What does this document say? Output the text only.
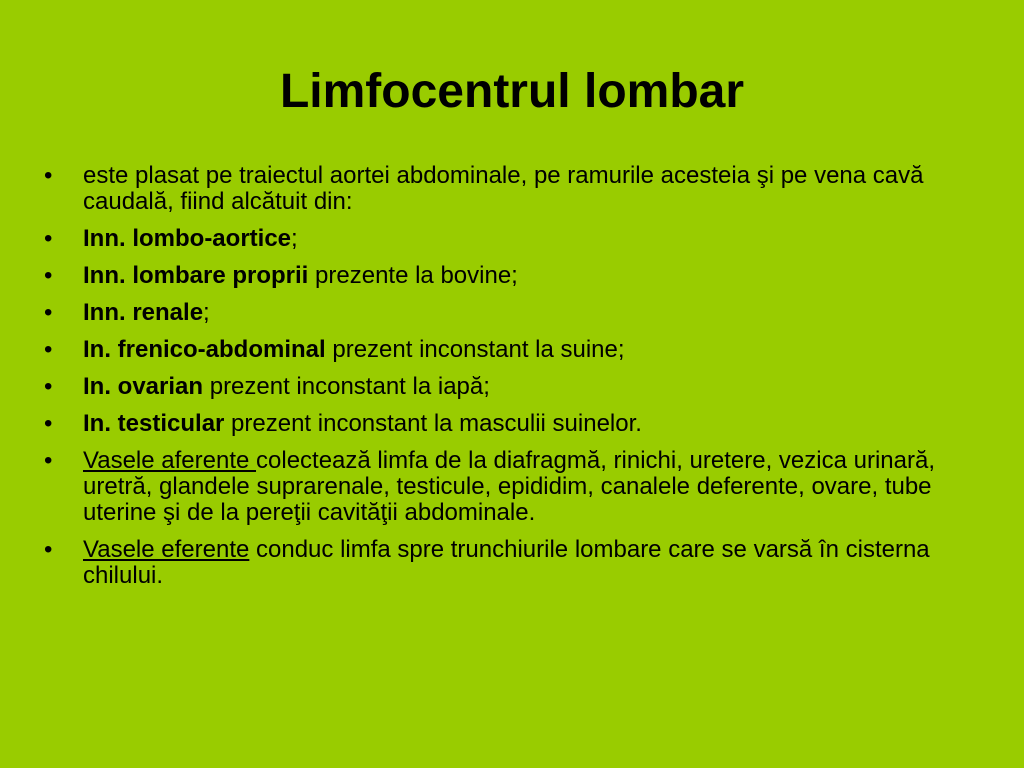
Limfocentrul lombar
• este plasat pe traiectul aortei abdominale, pe ramurile acesteia şi pe vena cavă caudală, fiind alcătuit din:
• Inn. lombo-aortice;
• Inn. lombare proprii prezente la bovine;
• Inn. renale;
• In. frenico-abdominal prezent inconstant la suine;
• In. ovarian prezent inconstant la iapă;
• In. testicular prezent inconstant la masculii suinelor.
• Vasele aferente colectează limfa de la diafragmă, rinichi, uretere, vezica urinară, uretră, glandele suprarenale, testicule, epididim, canalele deferente, ovare, tube uterine şi de la pereţii cavităţii abdominale.
• Vasele eferente conduc limfa spre trunchiurile lombare care se varsă în cisterna chilului.
